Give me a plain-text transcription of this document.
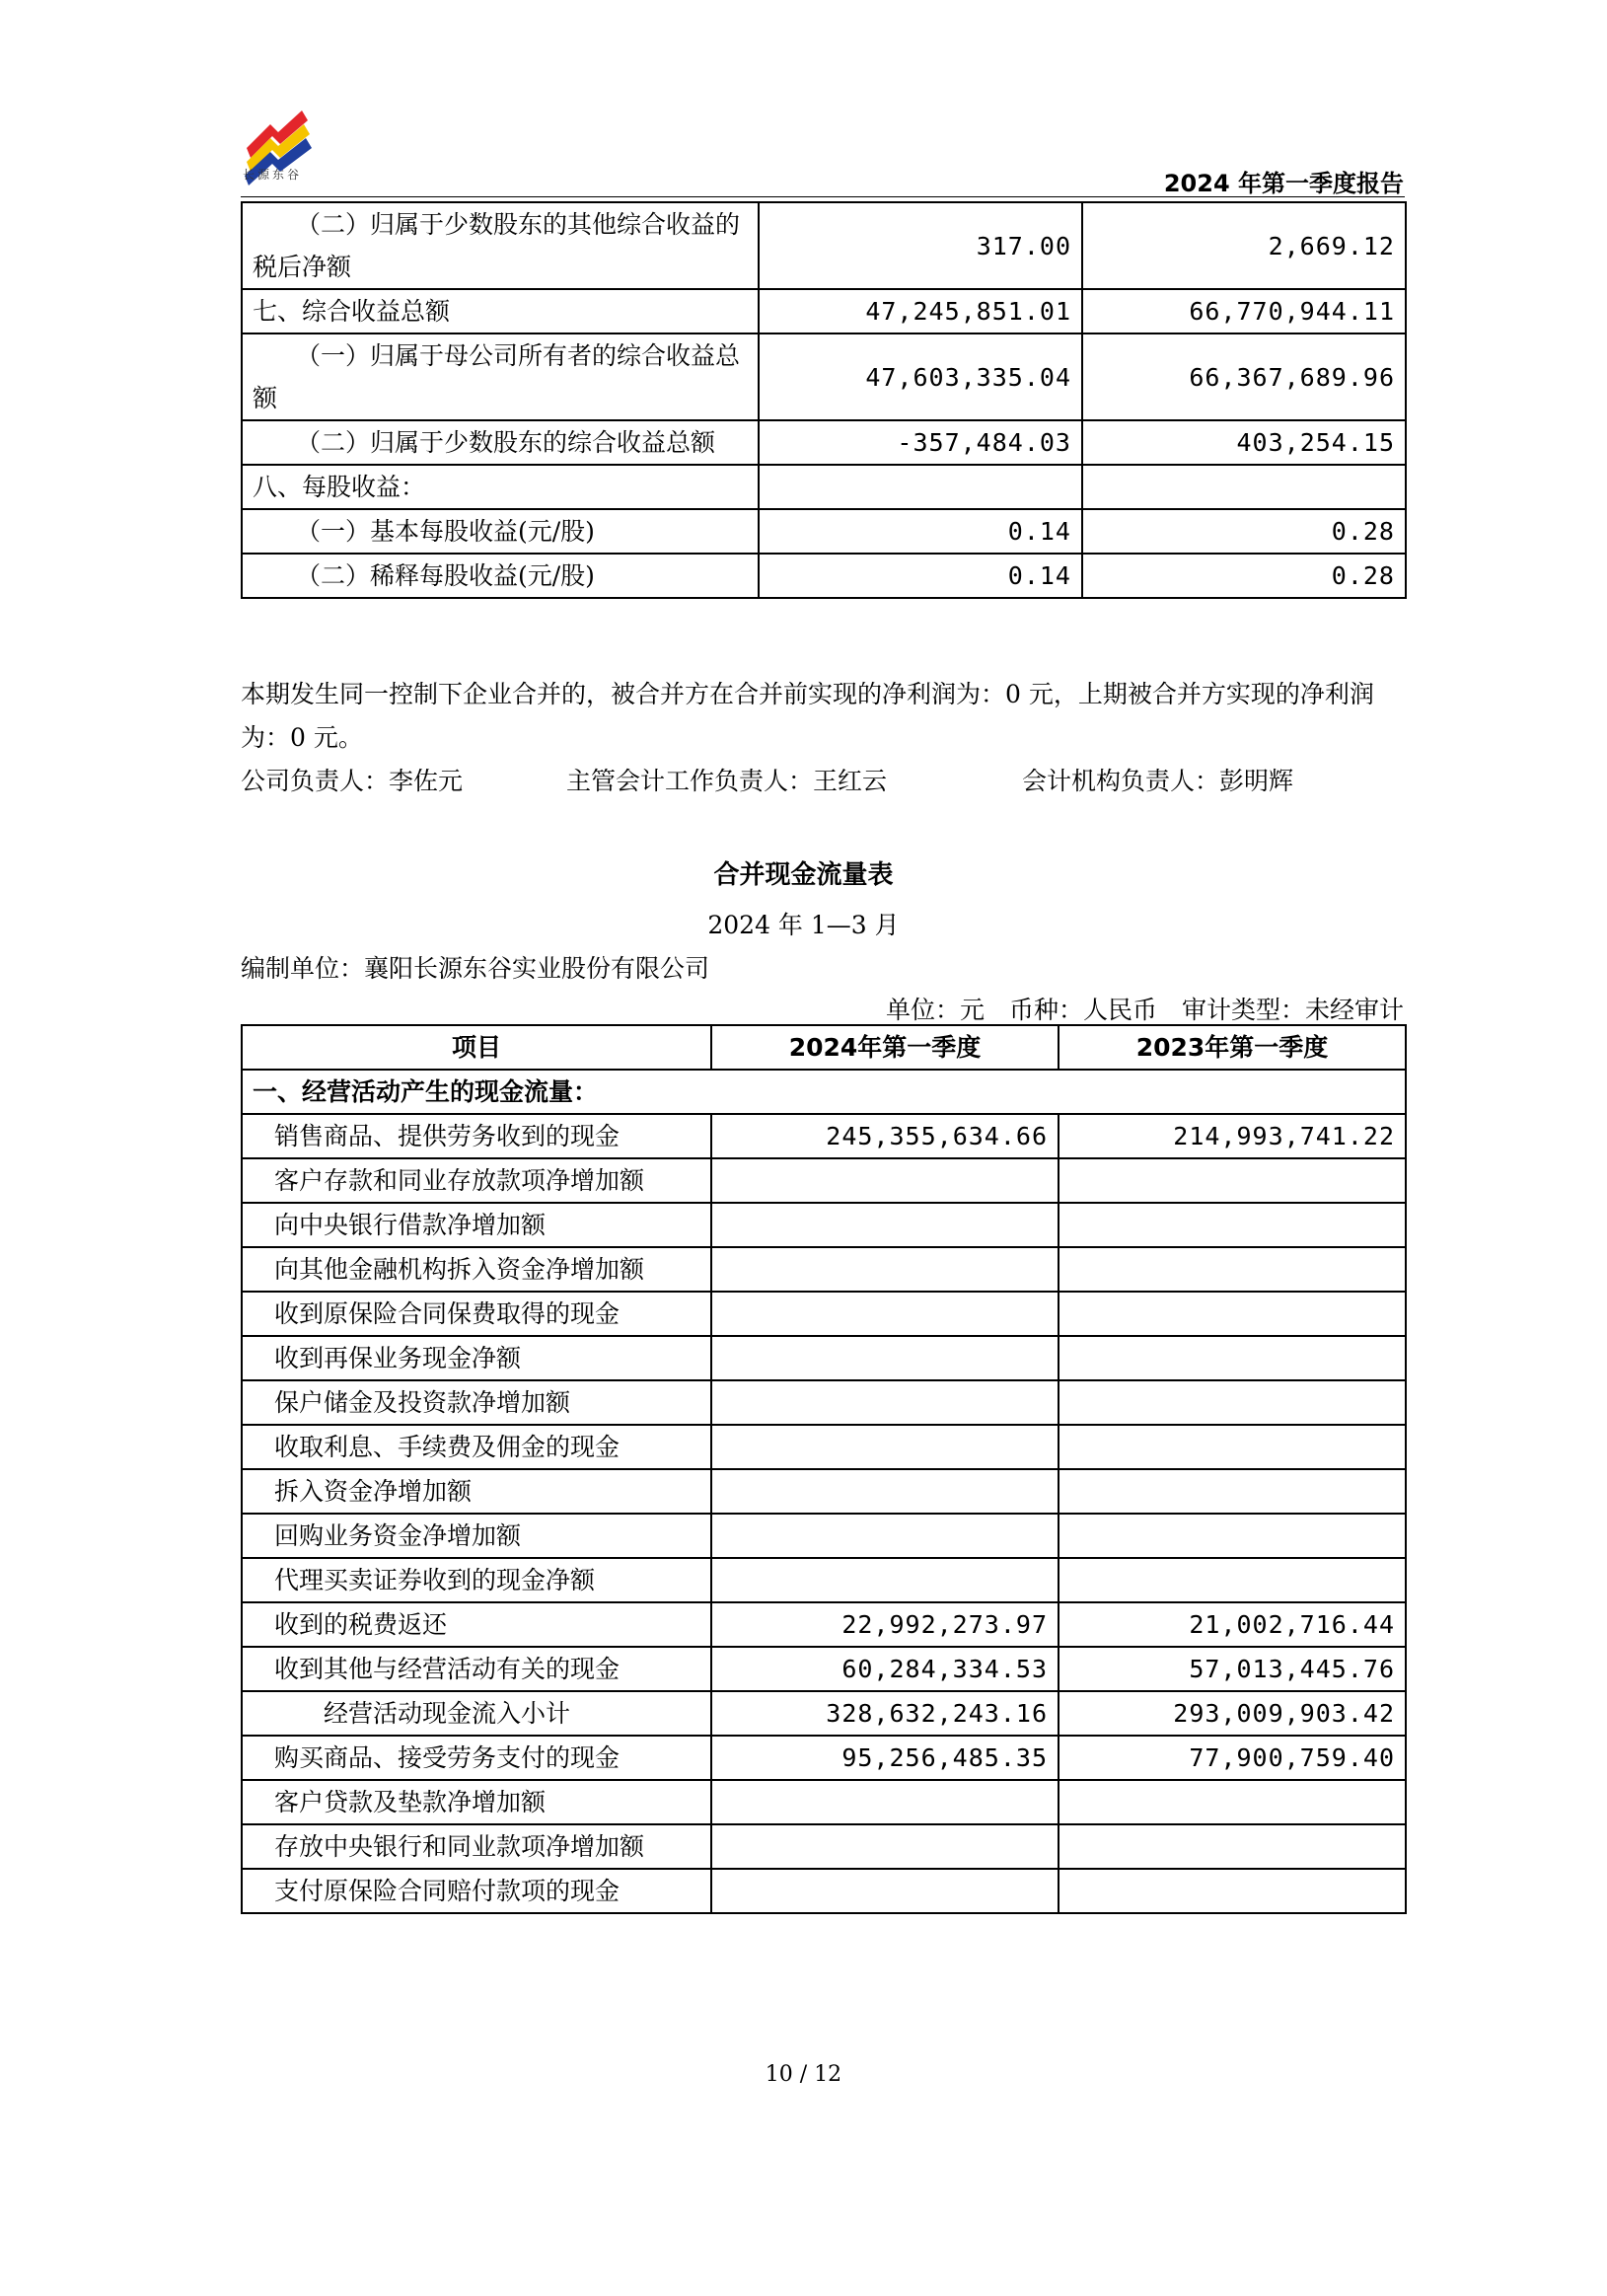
长源东谷	2024 年第一季度报告
（二）归属于少数股东的其他综合收益的税后净额	317.00	2,669.12
七、综合收益总额	47,245,851.01	66,770,944.11
（一）归属于母公司所有者的综合收益总额	47,603,335.04	66,367,689.96
（二）归属于少数股东的综合收益总额	-357,484.03	403,254.15
八、每股收益：		
（一）基本每股收益(元/股)	0.14	0.28
（二）稀释每股收益(元/股)	0.14	0.28
本期发生同一控制下企业合并的，被合并方在合并前实现的净利润为：0 元，上期被合并方实现的净利润为：0 元。
公司负责人：李佐元	主管会计工作负责人：王红云	会计机构负责人：彭明辉
合并现金流量表
2024 年 1—3 月
编制单位：襄阳长源东谷实业股份有限公司
单位：元　币种：人民币　审计类型：未经审计
项目	2024年第一季度	2023年第一季度
一、经营活动产生的现金流量：		
销售商品、提供劳务收到的现金	245,355,634.66	214,993,741.22
客户存款和同业存放款项净增加额		
向中央银行借款净增加额		
向其他金融机构拆入资金净增加额		
收到原保险合同保费取得的现金		
收到再保业务现金净额		
保户储金及投资款净增加额		
收取利息、手续费及佣金的现金		
拆入资金净增加额		
回购业务资金净增加额		
代理买卖证券收到的现金净额		
收到的税费返还	22,992,273.97	21,002,716.44
收到其他与经营活动有关的现金	60,284,334.53	57,013,445.76
经营活动现金流入小计	328,632,243.16	293,009,903.42
购买商品、接受劳务支付的现金	95,256,485.35	77,900,759.40
客户贷款及垫款净增加额		
存放中央银行和同业款项净增加额		
支付原保险合同赔付款项的现金		
10 / 12
